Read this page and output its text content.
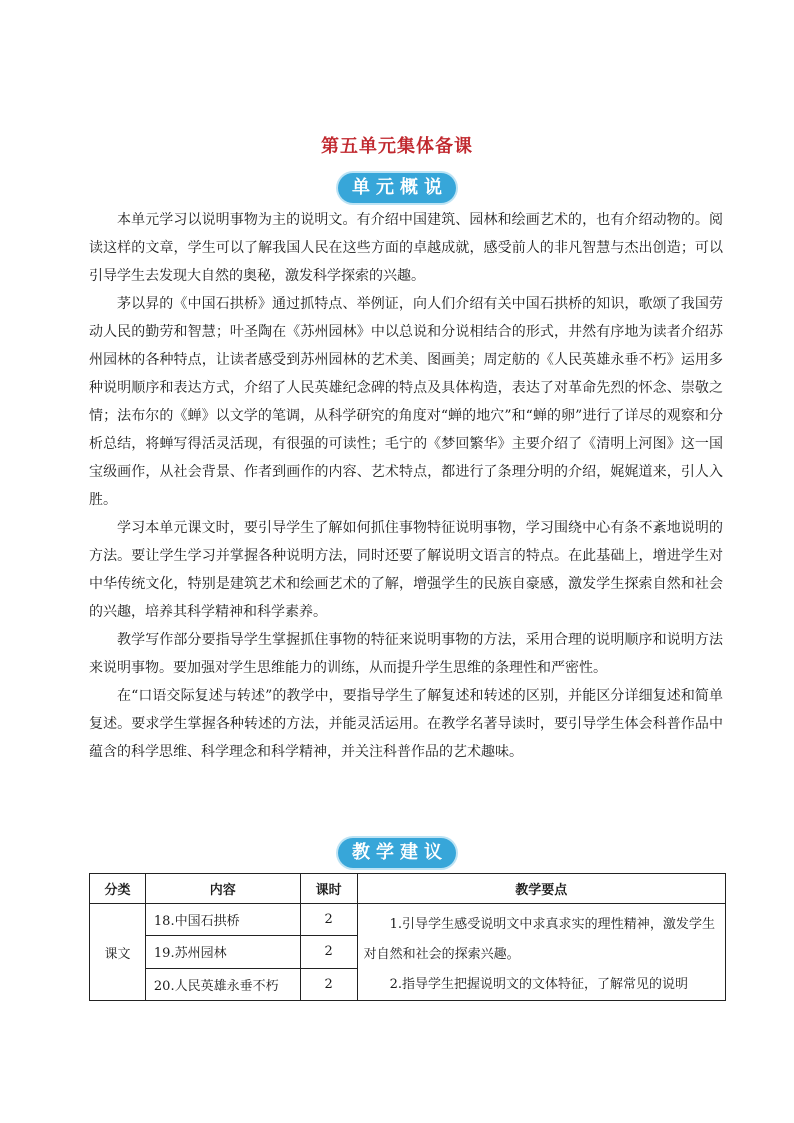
第五单元集体备课
单元概说

本单元学习以说明事物为主的说明文。有介绍中国建筑、园林和绘画艺术的，也有介绍动物的。阅读这样的文章，学生可以了解我国人民在这些方面的卓越成就，感受前人的非凡智慧与杰出创造；可以引导学生去发现大自然的奥秘，激发科学探索的兴趣。

茅以昇的《中国石拱桥》通过抓特点、举例证，向人们介绍有关中国石拱桥的知识，歌颂了我国劳动人民的勤劳和智慧；叶圣陶在《苏州园林》中以总说和分说相结合的形式，井然有序地为读者介绍苏州园林的各种特点，让读者感受到苏州园林的艺术美、图画美；周定舫的《人民英雄永垂不朽》运用多种说明顺序和表达方式，介绍了人民英雄纪念碑的特点及具体构造，表达了对革命先烈的怀念、崇敬之情；法布尔的《蝉》以文学的笔调，从科学研究的角度对“蝉的地穴”和“蝉的卵”进行了详尽的观察和分析总结，将蝉写得活灵活现，有很强的可读性；毛宁的《梦回繁华》主要介绍了《清明上河图》这一国宝级画作，从社会背景、作者到画作的内容、艺术特点，都进行了条理分明的介绍，娓娓道来，引人入胜。

学习本单元课文时，要引导学生了解如何抓住事物特征说明事物，学习围绕中心有条不紊地说明的方法。要让学生学习并掌握各种说明方法，同时还要了解说明文语言的特点。在此基础上，增进学生对中华传统文化，特别是建筑艺术和绘画艺术的了解，增强学生的民族自豪感，激发学生探索自然和社会的兴趣，培养其科学精神和科学素养。

教学写作部分要指导学生掌握抓住事物的特征来说明事物的方法，采用合理的说明顺序和说明方法来说明事物。要加强对学生思维能力的训练，从而提升学生思维的条理性和严密性。

在“口语交际复述与转述”的教学中，要指导学生了解复述和转述的区别，并能区分详细复述和简单复述。要求学生掌握各种转述的方法，并能灵活运用。在教学名著导读时，要引导学生体会科普作品中蕴含的科学思维、科学理念和科学精神，并关注科普作品的艺术趣味。

教学建议
分类	内容	课时	教学要点
课文	18.中国石拱桥	2	1.引导学生感受说明文中求真求实的理性精神，激发学生对自然和社会的探索兴趣。

2.指导学生把握说明文的文体特征，了解常见的说明

	19.苏州园林	2	
	20.人民英雄永垂不朽	2	
